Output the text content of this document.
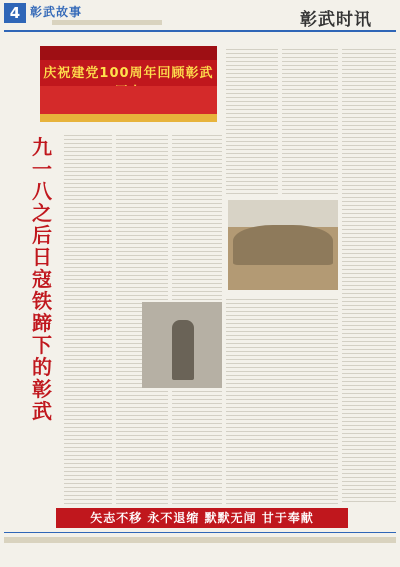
4 彰武故事	彰武时讯
庆祝建党100周年回顾彰武
九一八之后日寇铁蹄下的彰武
矢志不移 永不退缩 默默无闻 甘于奉献
